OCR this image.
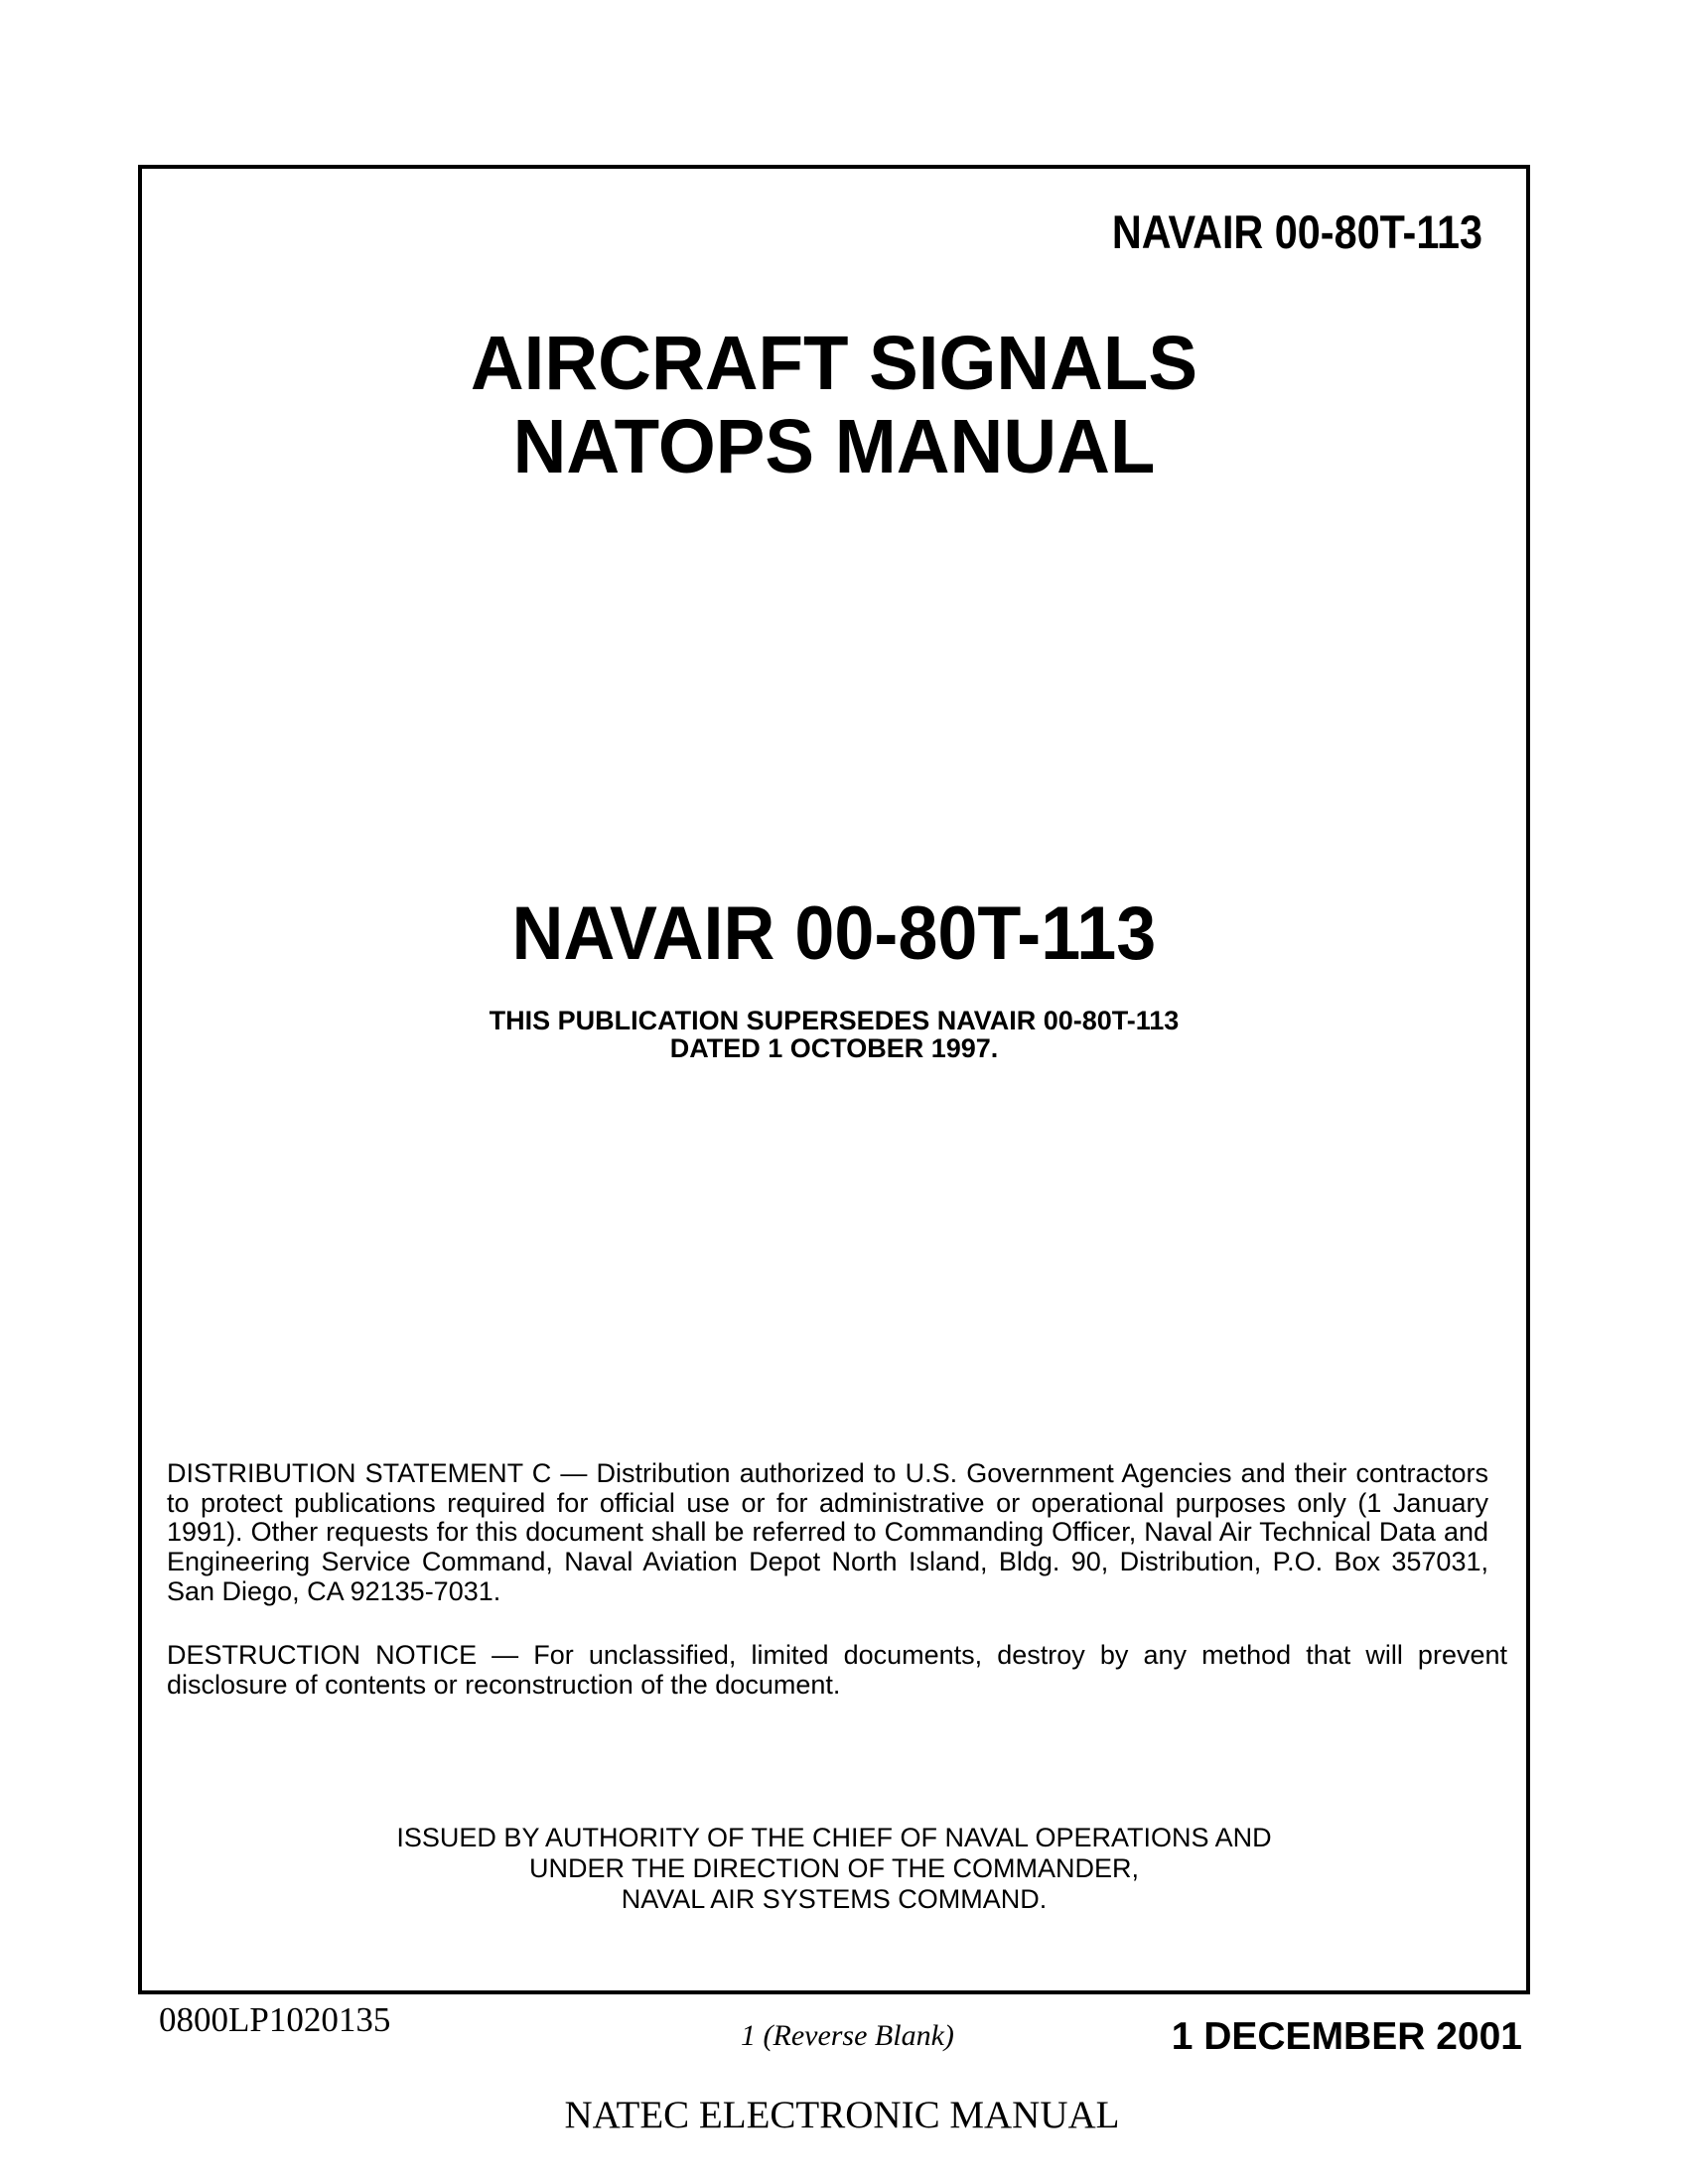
NAVAIR 00-80T-113
AIRCRAFT SIGNALS
NATOPS MANUAL
NAVAIR 00-80T-113
THIS PUBLICATION SUPERSEDES NAVAIR 00-80T-113
DATED 1 OCTOBER 1997.
DISTRIBUTION STATEMENT C — Distribution authorized to U.S. Government Agencies and their contractors
to protect publications required for official use or for administrative or operational purposes only (1 January
1991). Other requests for this document shall be referred to Commanding Officer, Naval Air Technical Data and
Engineering Service Command, Naval Aviation Depot North Island, Bldg. 90, Distribution, P.O. Box 357031,
San Diego, CA 92135-7031.
DESTRUCTION NOTICE — For unclassified, limited documents, destroy by any method that will prevent
disclosure of contents or reconstruction of the document.
ISSUED BY AUTHORITY OF THE CHIEF OF NAVAL OPERATIONS AND
UNDER THE DIRECTION OF THE COMMANDER,
NAVAL AIR SYSTEMS COMMAND.
0800LP1020135	1 (Reverse Blank)	1 DECEMBER 2001
NATEC ELECTRONIC MANUAL
